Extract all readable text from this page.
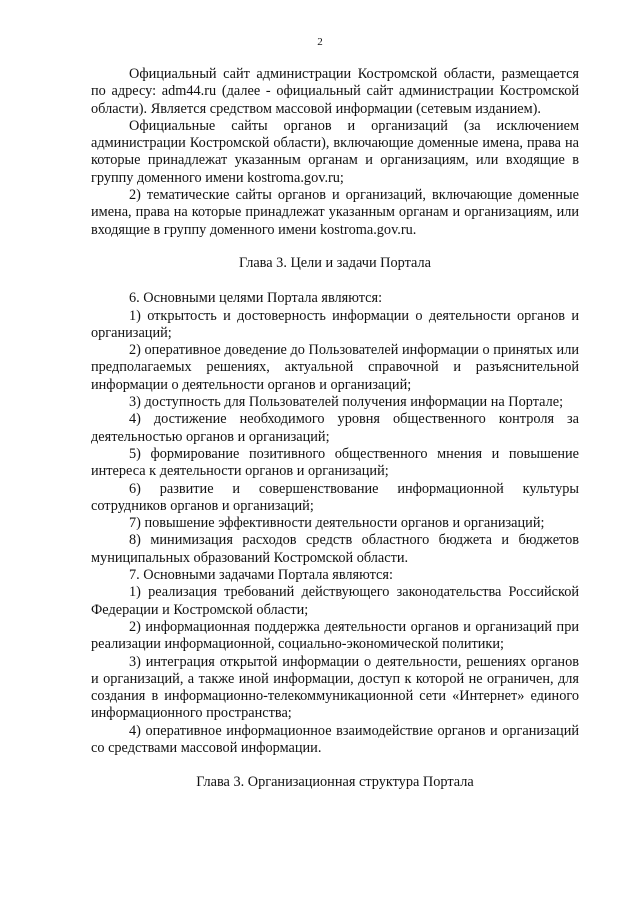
2

Официальный сайт администрации Костромской области, размещается по адресу: adm44.ru (далее - официальный сайт администрации Костромской области). Является средством массовой информации (сетевым изданием).

Официальные сайты органов и организаций (за исключением администрации Костромской области), включающие доменные имена, права на которые принадлежат указанным органам и организациям, или входящие в группу доменного имени kostroma.gov.ru;

2) тематические сайты органов и организаций, включающие доменные имена, права на которые принадлежат указанным органам и организациям, или входящие в группу доменного имени kostroma.gov.ru.

Глава 3. Цели и задачи Портала

6. Основными целями Портала являются:

1) открытость и достоверность информации о деятельности органов и организаций;

2) оперативное доведение до Пользователей информации о принятых или предполагаемых решениях, актуальной справочной и разъяснительной информации о деятельности органов и организаций;

3) доступность для Пользователей получения информации на Портале;

4) достижение необходимого уровня общественного контроля за деятельностью органов и организаций;

5) формирование позитивного общественного мнения и повышение интереса к деятельности органов и организаций;

6) развитие и совершенствование информационной культуры сотрудников органов и организаций;

7) повышение эффективности деятельности органов и организаций;

8) минимизация расходов средств областного бюджета и бюджетов муниципальных образований Костромской области.

7. Основными задачами Портала являются:

1) реализация требований действующего законодательства Российской Федерации и Костромской области;

2) информационная поддержка деятельности органов и организаций при реализации информационной, социально-экономической политики;

3) интеграция открытой информации о деятельности, решениях органов и организаций, а также иной информации, доступ к которой не ограничен, для создания в информационно-телекоммуникационной сети «Интернет» единого информационного пространства;

4) оперативное информационное взаимодействие органов и организаций со средствами массовой информации.

Глава 3. Организационная структура Портала
